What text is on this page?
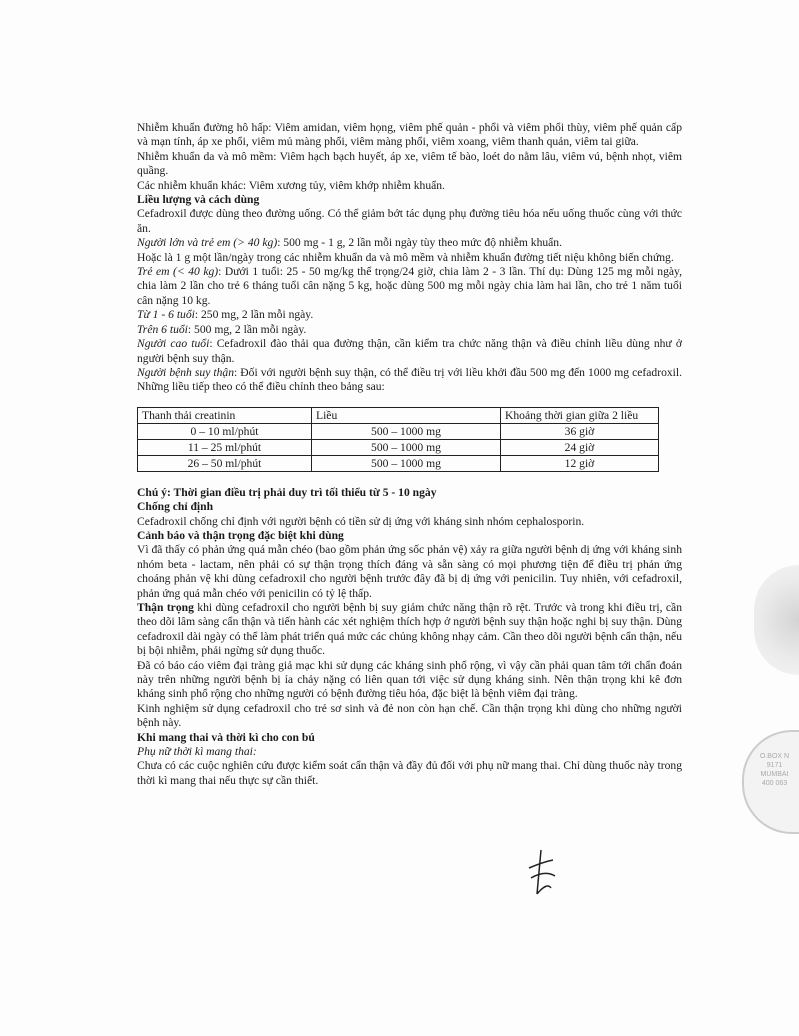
Nhiễm khuẩn đường hô hấp: Viêm amidan, viêm họng, viêm phế quản - phổi và viêm phổi thùy, viêm phế quản cấp và mạn tính, áp xe phổi, viêm mủ màng phổi, viêm màng phổi, viêm xoang, viêm thanh quản, viêm tai giữa.

Nhiễm khuẩn da và mô mềm: Viêm hạch bạch huyết, áp xe, viêm tế bào, loét do nằm lâu, viêm vú, bệnh nhọt, viêm quầng.

Các nhiễm khuẩn khác: Viêm xương tủy, viêm khớp nhiễm khuẩn.

Liều lượng và cách dùng

Cefadroxil được dùng theo đường uống. Có thể giảm bớt tác dụng phụ đường tiêu hóa nếu uống thuốc cùng với thức ăn.

Người lớn và trẻ em (> 40 kg): 500 mg - 1 g, 2 lần mỗi ngày tùy theo mức độ nhiễm khuẩn.

Hoặc là 1 g một lần/ngày trong các nhiễm khuẩn da và mô mềm và nhiễm khuẩn đường tiết niệu không biến chứng.

Trẻ em (< 40 kg): Dưới 1 tuổi: 25 - 50 mg/kg thể trọng/24 giờ, chia làm 2 - 3 lần. Thí dụ: Dùng 125 mg mỗi ngày, chia làm 2 lần cho trẻ 6 tháng tuổi cân nặng 5 kg, hoặc dùng 500 mg mỗi ngày chia làm hai lần, cho trẻ 1 năm tuổi cân nặng 10 kg.

Từ 1 - 6 tuổi: 250 mg, 2 lần mỗi ngày.

Trên 6 tuổi: 500 mg, 2 lần mỗi ngày.

Người cao tuổi: Cefadroxil đào thải qua đường thận, cần kiểm tra chức năng thận và điều chỉnh liều dùng như ở người bệnh suy thận.

Người bệnh suy thận: Đối với người bệnh suy thận, có thể điều trị với liều khởi đầu 500 mg đến 1000 mg cefadroxil. Những liều tiếp theo có thể điều chỉnh theo bảng sau:

Thanh thải creatinin	Liều	Khoảng thời gian giữa 2 liều
0 – 10 ml/phút	500 – 1000 mg	36 giờ
11 – 25 ml/phút	500 – 1000 mg	24 giờ
26 – 50 ml/phút	500 – 1000 mg	12 giờ

Chú ý: Thời gian điều trị phải duy trì tối thiểu từ 5 - 10 ngày

Chống chỉ định

Cefadroxil chống chỉ định với người bệnh có tiền sử dị ứng với kháng sinh nhóm cephalosporin.

Cảnh báo và thận trọng đặc biệt khi dùng

Vì đã thấy có phản ứng quá mẫn chéo (bao gồm phản ứng sốc phản vệ) xảy ra giữa người bệnh dị ứng với kháng sinh nhóm beta - lactam, nên phải có sự thận trọng thích đáng và sẵn sàng có mọi phương tiện để điều trị phản ứng choáng phản vệ khi dùng cefadroxil cho người bệnh trước đây đã bị dị ứng với penicilin. Tuy nhiên, với cefadroxil, phản ứng quá mẫn chéo với penicilin có tỷ lệ thấp.

Thận trọng khi dùng cefadroxil cho người bệnh bị suy giảm chức năng thận rõ rệt. Trước và trong khi điều trị, cần theo dõi lâm sàng cẩn thận và tiến hành các xét nghiệm thích hợp ở người bệnh suy thận hoặc nghi bị suy thận. Dùng cefadroxil dài ngày có thể làm phát triển quá mức các chủng không nhạy cảm. Cần theo dõi người bệnh cẩn thận, nếu bị bội nhiễm, phải ngừng sử dụng thuốc.

Đã có báo cáo viêm đại tràng giả mạc khi sử dụng các kháng sinh phổ rộng, vì vậy cần phải quan tâm tới chẩn đoán này trên những người bệnh bị ỉa chảy nặng có liên quan tới việc sử dụng kháng sinh. Nên thận trọng khi kê đơn kháng sinh phổ rộng cho những người có bệnh đường tiêu hóa, đặc biệt là bệnh viêm đại tràng.

Kinh nghiệm sử dụng cefadroxil cho trẻ sơ sinh và đẻ non còn hạn chế. Cần thận trọng khi dùng cho những người bệnh này.

Khi mang thai và thời kì cho con bú

Phụ nữ thời kì mang thai:

Chưa có các cuộc nghiên cứu được kiểm soát cẩn thận và đầy đủ đối với phụ nữ mang thai. Chỉ dùng thuốc này trong thời kì mang thai nếu thực sự cần thiết.

O.BOX N
9171
MUMBAI
400 063
